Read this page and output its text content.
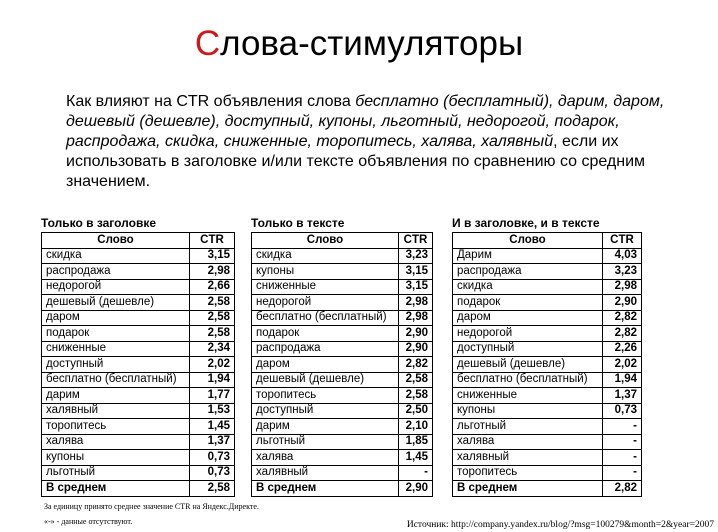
Слова-стимуляторы
Как влияют на CTR объявления слова бесплатно (бесплатный), дарим, даром, дешевый (дешевле), доступный, купоны, льготный, недорогой, подарок, распродажа, скидка, сниженные, торопитесь, халява, халявный, если их использовать в заголовке и/или тексте объявления по сравнению со средним значением.
Только в заголовке
Слово	CTR
скидка	3,15
распродажа	2,98
недорогой	2,66
дешевый (дешевле)	2,58
даром	2,58
подарок	2,58
сниженные	2,34
доступный	2,02
бесплатно (бесплатный)	1,94
дарим	1,77
халявный	1,53
торопитесь	1,45
халява	1,37
купоны	0,73
льготный	0,73
В среднем	2,58
Только в тексте
Слово	CTR
скидка	3,23
купоны	3,15
сниженные	3,15
недорогой	2,98
бесплатно (бесплатный)	2,98
подарок	2,90
распродажа	2,90
даром	2,82
дешевый (дешевле)	2,58
торопитесь	2,58
доступный	2,50
дарим	2,10
льготный	1,85
халява	1,45
халявный	-
В среднем	2,90
И в заголовке, и в тексте
Слово	CTR
Дарим	4,03
распродажа	3,23
скидка	2,98
подарок	2,90
даром	2,82
недорогой	2,82
доступный	2,26
дешевый (дешевле)	2,02
бесплатно (бесплатный)	1,94
сниженные	1,37
купоны	0,73
льготный	-
халява	-
халявный	-
торопитесь	-
В среднем	2,82
За единицу принято среднее значение CTR на Яндекс.Директе.
«-» - данные отсутствуют.	Источник: http://company.yandex.ru/blog/?msg=100279&month=2&year=2007
